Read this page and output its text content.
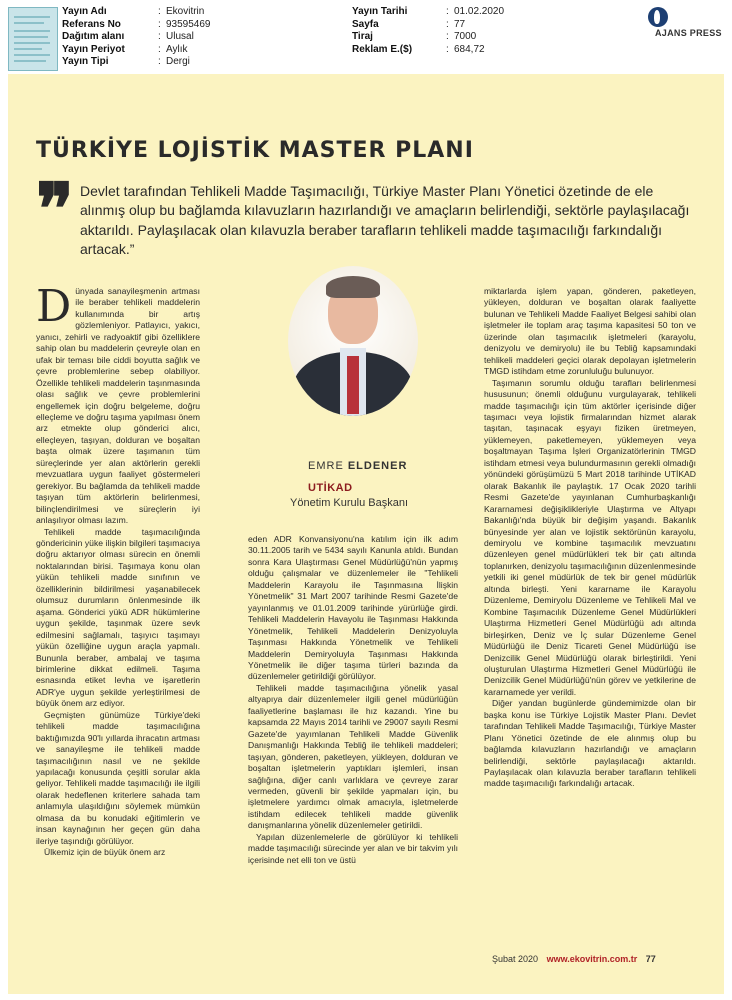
Yayın Adı	: Ekovitrin
Referans No	: 93595469
Dağıtım alanı	: Ulusal
Yayın Periyot	: Aylık
Yayın Tipi	: Dergi
Yayın Tarihi	: 01.02.2020
Sayfa	: 77
Tiraj	: 7000
Reklam E.($)	: 684,72
AJANS PRESS
TÜRKİYE LOJİSTİK MASTER PLANI
❞ Devlet tarafından Tehlikeli Madde Taşımacılığı, Türkiye Master Planı Yönetici özetinde de ele alınmış olup bu bağlamda kılavuzların hazırlandığı ve amaçların belirlendiği, sektörle paylaşılacağı aktarıldı. Paylaşılacak olan kılavuzla beraber tarafların tehlikeli madde taşımacılığı farkındalığı artacak.”
EMRE ELDENER
UTİKAD
Yönetim Kurulu Başkanı

Dünyada sanayileşmenin artması ile beraber tehlikeli maddelerin kullanımında bir artış gözlemleniyor. Patlayıcı, yakıcı, yanıcı, zehirli ve radyoaktif gibi özelliklere sahip olan bu maddelerin çevreyle olan en ufak bir teması bile ciddi boyutta sağlık ve çevre problemlerine sebep olabiliyor. Özellikle tehlikeli maddelerin taşınmasında olası sağlık ve çevre problemlerini engellemek için doğru belgeleme, doğru elleçleme ve doğru taşıma yapılması önem arz etmekte olup gönderici alıcı, elleçleyen, taşıyan, dolduran ve boşaltan başta olmak üzere taşımanın tüm süreçlerinde yer alan aktörlerin gerekli mevzuatlara uygun faaliyet göstermeleri gerekiyor. Bu bağlamda da tehlikeli madde taşıyan tüm aktörlerin belirlenmesi, bilinçlendirilmesi ve süreçlerin iyi anlaşılıyor olması lazım.

Tehlikeli madde taşımacılığında göndericinin yüke ilişkin bilgileri taşımacıya doğru aktarıyor olması sürecin en önemli noktalarından birisi. Taşımaya konu olan yükün tehlikeli madde sınıfının ve özelliklerinin bildirilmesi yaşanabilecek olumsuz durumların önlenmesinde ilk aşama. Gönderici yükü ADR hükümlerine uygun şekilde, taşınmak üzere sevk edilmesini sağlamalı, taşıyıcı taşımayı yükün özelliğine uygun araçla yapmalı. Bununla beraber, ambalaj ve taşıma birimlerine dikkat edilmeli. Taşıma esnasında etiket levha ve işaretlerin ADR'ye uygun şekilde yerleştirilmesi de büyük önem arz ediyor.

Geçmişten günümüze Türkiye'deki tehlikeli madde taşımacılığına baktığımızda 90'lı yıllarda ihracatın artması ve sanayileşme ile tehlikeli madde taşımacılığının nasıl ve ne şekilde yapılacağı konusunda çeşitli sorular akla geliyor. Tehlikeli madde taşımacılığı ile ilgili olarak hedeflenen kriterlere sahada tam anlamıyla ulaşıldığını söylemek mümkün olmasa da bu konudaki eğitimlerin ve insan kaynağının her geçen gün daha ileriye taşındığı görülüyor.

Ülkemiz için de büyük önem arz

eden ADR Konvansiyonu'na katılım için ilk adım 30.11.2005 tarih ve 5434 sayılı Kanunla atıldı. Bundan sonra Kara Ulaştırması Genel Müdürlüğü'nün yapmış olduğu çalışmalar ve düzenlemeler ile "Tehlikeli Maddelerin Karayolu ile Taşınmasına İlişkin Yönetmelik" 31 Mart 2007 tarihinde Resmi Gazete'de yayınlanmış ve 01.01.2009 tarihinde yürürlüğe girdi. Tehlikeli Maddelerin Havayolu ile Taşınması Hakkında Yönetmelik, Tehlikeli Maddelerin Denizyoluyla Taşınması Hakkında Yönetmelik ve Tehlikeli Maddelerin Demiryoluyla Taşınması Hakkında Yönetmelik ile diğer taşıma türleri bazında da düzenlemeler getirildiği görülüyor.

Tehlikeli madde taşımacılığına yönelik yasal altyapıya dair düzenlemeler ilgili genel müdürlüğün faaliyetlerine başlaması ile hız kazandı. Yine bu kapsamda 22 Mayıs 2014 tarihli ve 29007 sayılı Resmi Gazete'de yayımlanan Tehlikeli Madde Güvenlik Danışmanlığı Hakkında Tebliğ ile tehlikeli maddeleri; taşıyan, gönderen, paketleyen, yükleyen, dolduran ve boşaltan işletmelerin yaptıkları işlemleri, insan sağlığına, diğer canlı varlıklara ve çevreye zarar vermeden, güvenli bir şekilde yapmaları için, bu işletmelere yardımcı olmak amacıyla, işletmelerde istihdam edilecek tehlikeli madde güvenlik danışmanlarına yönelik düzenlemeler getirildi.

Yapılan düzenlemelerle de görülüyor ki tehlikeli madde taşımacılığı sürecinde yer alan ve bir takvim yılı içerisinde net elli ton ve üstü

miktarlarda işlem yapan, gönderen, paketleyen, yükleyen, dolduran ve boşaltan olarak faaliyette bulunan ve Tehlikeli Madde Faaliyet Belgesi sahibi olan işletmeler ile toplam araç taşıma kapasitesi 50 ton ve üzerinde olan taşımacılık işletmeleri (karayolu, denizyolu ve demiryolu) ile bu Tebliğ kapsamındaki tehlikeli maddeleri geçici olarak depolayan işletmelerin TMGD istihdam etme zorunluluğu bulunuyor.

Taşımanın sorumlu olduğu tarafları belirlenmesi hususunun; önemli olduğunu vurgulayarak, tehlikeli madde taşımacılığı için tüm aktörler içerisinde diğer taşımacı veya lojistik firmalarından hizmet alarak taşıtan, taşınacak eşyayı fiziken üretmeyen, yüklemeyen, paketlemeyen, yüklemeyen veya boşaltmayan Taşıma İşleri Organizatörlerinin TMGD istihdam etmesi veya bulundurmasının gerekli olmadığı yönündeki görüşümüzü 5 Mart 2018 tarihinde UTİKAD olarak Bakanlık ile paylaştık. 17 Ocak 2020 tarihli Resmi Gazete'de yayınlanan Cumhurbaşkanlığı Kararnamesi değişiklikleriyle Ulaştırma ve Altyapı Bakanlığı'nda büyük bir değişim yaşandı. Bakanlık bünyesinde yer alan ve lojistik sektörünün karayolu, demiryolu ve kombine taşımacılık mevzuatını düzenleyen genel müdürlükleri tek bir çatı altında toplanırken, denizyolu taşımacılığının düzenlenmesinde yetkili iki genel müdürlük de tek bir genel müdürlük altında birleşti. Yeni kararname ile Karayolu Düzenleme, Demiryolu Düzenleme ve Tehlikeli Mal ve Kombine Taşımacılık Düzenleme Genel Müdürlükleri Ulaştırma Hizmetleri Genel Müdürlüğü adı altında birleşirken, Deniz ve İç sular Düzenleme Genel Müdürlüğü ile Deniz Ticareti Genel Müdürlüğü ise Denizcilik Genel Müdürlüğü olarak birleştirildi. Yeni oluşturulan Ulaştırma Hizmetleri Genel Müdürlüğü ile Denizcilik Genel Müdürlüğü'nün görev ve yetkilerine de kararnamede yer verildi.

Diğer yandan bugünlerde gündemimizde olan bir başka konu ise Türkiye Lojistik Master Planı. Devlet tarafından Tehlikeli Madde Taşımacılığı, Türkiye Master Planı Yönetici özetinde de ele alınmış olup bu bağlamda kılavuzların hazırlandığı ve amaçların belirlendiği, sektörle paylaşılacağı aktarıldı. Paylaşılacak olan kılavuzla beraber tarafların tehlikeli madde taşımacılığı farkındalığı artacak.

Şubat 2020 www.ekovitrin.com.tr 77
